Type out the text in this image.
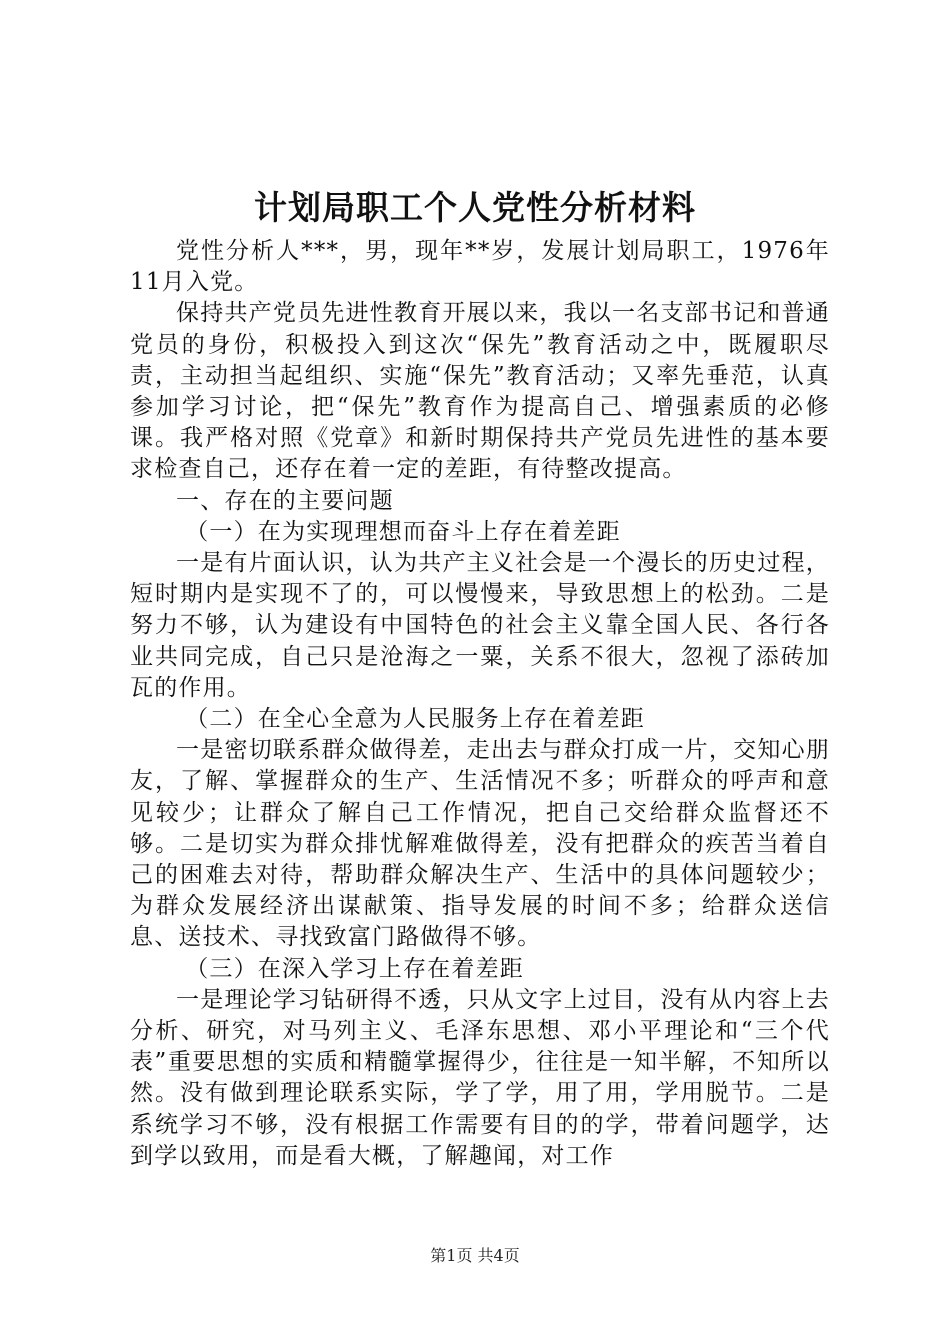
计划局职工个人党性分析材料

党性分析人***，男，现年**岁，发展计划局职工，1976年11月入党。

保持共产党员先进性教育开展以来，我以一名支部书记和普通党员的身份，积极投入到这次“保先”教育活动之中，既履职尽责，主动担当起组织、实施“保先”教育活动；又率先垂范，认真参加学习讨论，把“保先”教育作为提高自己、增强素质的必修课。我严格对照《党章》和新时期保持共产党员先进性的基本要求检查自己，还存在着一定的差距，有待整改提高。

一、存在的主要问题

（一）在为实现理想而奋斗上存在着差距

一是有片面认识，认为共产主义社会是一个漫长的历史过程，短时期内是实现不了的，可以慢慢来，导致思想上的松劲。二是努力不够，认为建设有中国特色的社会主义靠全国人民、各行各业共同完成，自己只是沧海之一粟，关系不很大，忽视了添砖加瓦的作用。

（二）在全心全意为人民服务上存在着差距

一是密切联系群众做得差，走出去与群众打成一片，交知心朋友，了解、掌握群众的生产、生活情况不多；听群众的呼声和意见较少；让群众了解自己工作情况，把自己交给群众监督还不够。二是切实为群众排忧解难做得差，没有把群众的疾苦当着自己的困难去对待，帮助群众解决生产、生活中的具体问题较少；为群众发展经济出谋献策、指导发展的时间不多；给群众送信息、送技术、寻找致富门路做得不够。

（三）在深入学习上存在着差距

一是理论学习钻研得不透，只从文字上过目，没有从内容上去分析、研究，对马列主义、毛泽东思想、邓小平理论和“三个代表”重要思想的实质和精髓掌握得少，往往是一知半解，不知所以然。没有做到理论联系实际，学了学，用了用，学用脱节。二是系统学习不够，没有根据工作需要有目的的学，带着问题学，达到学以致用，而是看大概，了解趣闻，对工作

第1页 共4页
